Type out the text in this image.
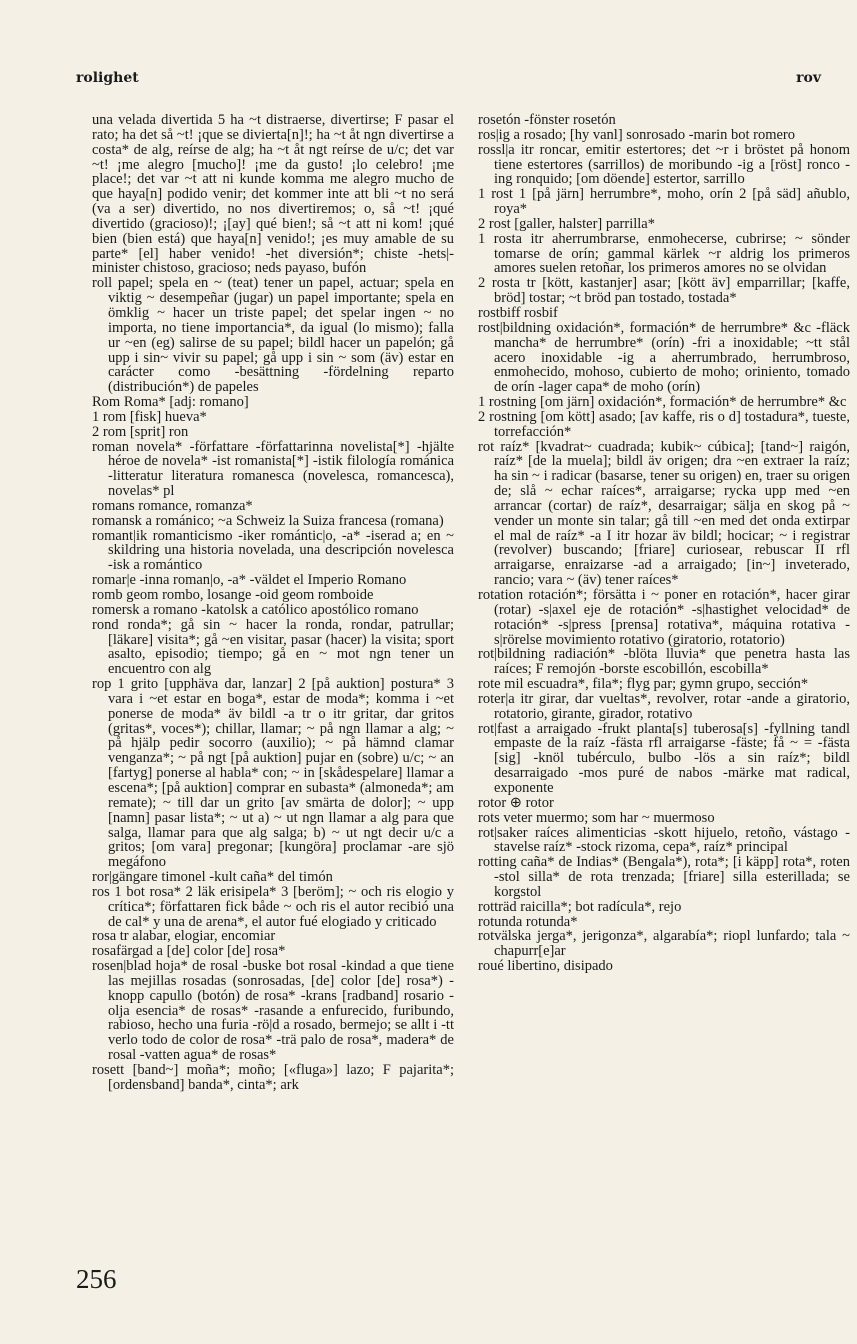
rolighet	rov

una velada divertida 5 ha ~t distraerse, divertirse; F pasar el rato; ha det så ~t! ¡que se divierta[n]!; ha ~t åt ngn divertirse a costa* de alg, reírse de alg; ha ~t åt ngt reírse de u/c; det var ~t! ¡me alegro [mucho]! ¡me da gusto! ¡lo celebro! ¡me place!; det var ~t att ni kunde komma me alegro mucho de que haya[n] podido venir; det kommer inte att bli ~t no será (va a ser) divertido, no nos divertiremos; o, så ~t! ¡qué divertido (gracioso)!; ¡[ay] qué bien!; så ~t att ni kom! ¡qué bien (bien está) que haya[n] venido!; ¡es muy amable de su parte* [el] haber venido! -het diversión*; chiste -hets|-minister chistoso, gracioso; neds payaso, bufón

roll papel; spela en ~ (teat) tener un papel, actuar; spela en viktig ~ desempeñar (jugar) un papel importante; spela en ömklig ~ hacer un triste papel; det spelar ingen ~ no importa, no tiene importancia*, da igual (lo mismo); falla ur ~en (eg) salirse de su papel; bildl hacer un papelón; gå upp i sin~ vivir su papel; gå upp i sin ~ som (äv) estar en carácter como -besättning -fördelning reparto (distribución*) de papeles

Rom Roma* [adj: romano]

1 rom [fisk] hueva*

2 rom [sprit] ron

roman novela* -författare -författarinna novelista[*] -hjälte héroe de novela* -ist romanista[*] -istik filología románica -litteratur literatura romanesca (novelesca, romancesca), novelas* pl

romans romance, romanza*

romansk a románico; ~a Schweiz la Suiza francesa (romana)

romant|ik romanticismo -iker romántic|o, -a* -iserad a; en ~ skildring una historia novelada, una descripción novelesca -isk a romántico

romar|e -inna roman|o, -a* -väldet el Imperio Romano

romb geom rombo, losange -oid geom romboide

romersk a romano -katolsk a católico apostólico romano

rond ronda*; gå sin ~ hacer la ronda, rondar, patrullar; [läkare] visita*; gå ~en visitar, pasar (hacer) la visita; sport asalto, episodio; tiempo; gå en ~ mot ngn tener un encuentro con alg

rop 1 grito [upphäva dar, lanzar] 2 [på auktion] postura* 3 vara i ~et estar en boga*, estar de moda*; komma i ~et ponerse de moda* äv bildl -a tr o itr gritar, dar gritos (gritas*, voces*); chillar, llamar; ~ på ngn llamar a alg; ~ på hjälp pedir socorro (auxilio); ~ på hämnd clamar venganza*; ~ på ngt [på auktion] pujar en (sobre) u/c; ~ an [fartyg] ponerse al habla* con; ~ in [skådespelare] llamar a escena*; [på auktion] comprar en subasta* (almoneda*; am remate); ~ till dar un grito [av smärta de dolor]; ~ upp [namn] pasar lista*; ~ ut a) ~ ut ngn llamar a alg para que salga, llamar para que alg salga; b) ~ ut ngt decir u/c a gritos; [om vara] pregonar; [kungöra] proclamar -are sjö megáfono

ror|gängare timonel -kult caña* del timón

ros 1 bot rosa* 2 läk erisipela* 3 [beröm]; ~ och ris elogio y crítica*; författaren fick både ~ och ris el autor recibió una de cal* y una de arena*, el autor fué elogiado y criticado

rosa tr alabar, elogiar, encomiar

rosafärgad a [de] color [de] rosa*

rosen|blad hoja* de rosal -buske bot rosal -kindad a que tiene las mejillas rosadas (sonrosadas, [de] color [de] rosa*) -knopp capullo (botón) de rosa* -krans [radband] rosario -olja esencia* de rosas* -rasande a enfurecido, furibundo, rabioso, hecho una furia -rö|d a rosado, bermejo; se allt i -tt verlo todo de color de rosa* -trä palo de rosa*, madera* de rosal -vatten agua* de rosas*

rosett [band~] moña*; moño; [«fluga»] lazo; F pajarita*; [ordensband] banda*, cinta*; ark

rosetón -fönster rosetón

ros|ig a rosado; [hy vanl] sonrosado -marin bot romero

rossl|a itr roncar, emitir estertores; det ~r i bröstet på honom tiene estertores (sarrillos) de moribundo -ig a [röst] ronco -ing ronquido; [om döende] estertor, sarrillo

1 rost 1 [på järn] herrumbre*, moho, orín 2 [på säd] añublo, roya*

2 rost [galler, halster] parrilla*

1 rosta itr aherrumbrarse, enmohecerse, cubrirse; ~ sönder tomarse de orín; gammal kärlek ~r aldrig los primeros amores suelen retoñar, los primeros amores no se olvidan

2 rosta tr [kött, kastanjer] asar; [kött äv] emparrillar; [kaffe, bröd] tostar; ~t bröd pan tostado, tostada*

rostbiff rosbif

rost|bildning oxidación*, formación* de herrumbre* &c -fläck mancha* de herrumbre* (orín) -fri a inoxidable; ~tt stål acero inoxidable -ig a aherrumbrado, herrumbroso, enmohecido, mohoso, cubierto de moho; oriniento, tomado de orín -lager capa* de moho (orín)

1 rostning [om järn] oxidación*, formación* de herrumbre* &c

2 rostning [om kött] asado; [av kaffe, ris o d] tostadura*, tueste, torrefacción*

rot raíz* [kvadrat~ cuadrada; kubik~ cúbica]; [tand~] raigón, raíz* [de la muela]; bildl äv origen; dra ~en extraer la raíz; ha sin ~ i radicar (basarse, tener su origen) en, traer su origen de; slå ~ echar raíces*, arraigarse; rycka upp med ~en arrancar (cortar) de raíz*, desarraigar; sälja en skog på ~ vender un monte sin talar; gå till ~en med det onda extirpar el mal de raíz* -a I itr hozar äv bildl; hocicar; ~ i registrar (revolver) buscando; [friare] curiosear, rebuscar II rfl arraigarse, enraizarse -ad a arraigado; [in~] inveterado, rancio; vara ~ (äv) tener raíces*

rotation rotación*; försätta i ~ poner en rotación*, hacer girar (rotar) -s|axel eje de rotación* -s|hastighet velocidad* de rotación* -s|press [prensa] rotativa*, máquina rotativa -s|rörelse movimiento rotativo (giratorio, rotatorio)

rot|bildning radiación* -blöta lluvia* que penetra hasta las raíces; F remojón -borste escobillón, escobilla*

rote mil escuadra*, fila*; flyg par; gymn grupo, sección*

roter|a itr girar, dar vueltas*, revolver, rotar -ande a giratorio, rotatorio, girante, girador, rotativo

rot|fast a arraigado -frukt planta[s] tuberosa[s] -fyllning tandl empaste de la raíz -fästa rfl arraigarse -fäste; få ~ = -fästa [sig] -knöl tubérculo, bulbo -lös a sin raíz*; bildl desarraigado -mos puré de nabos -märke mat radical, exponente

rotor ⊕ rotor

rots veter muermo; som har ~ muermoso

rot|saker raíces alimenticias -skott hijuelo, retoño, vástago -stavelse raíz* -stock rizoma, cepa*, raíz* principal

rotting caña* de Indias* (Bengala*), rota*; [i käpp] rota*, roten -stol silla* de rota trenzada; [friare] silla esterillada; se korgstol

rotträd raicilla*; bot radícula*, rejo

rotunda rotunda*

rotvälska jerga*, jerigonza*, algarabía*; riopl lunfardo; tala ~ chapurr[e]ar

roué libertino, disipado

256
